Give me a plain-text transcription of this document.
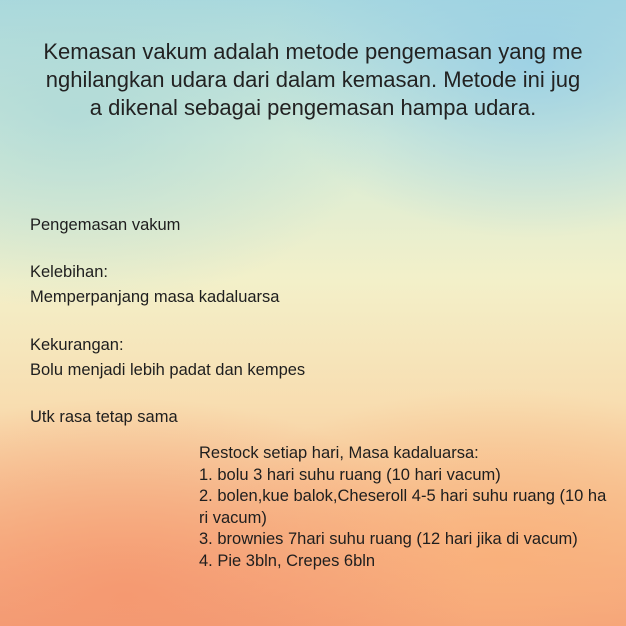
Kemasan vakum adalah metode pengemasan yang menghilangkan udara dari dalam kemasan. Metode ini juga dikenal sebagai pengemasan hampa udara.
Pengemasan vakum
Kelebihan:
Memperpanjang masa kadaluarsa
Kekurangan:
Bolu menjadi lebih padat dan kempes
Utk rasa tetap sama
Restock setiap hari, Masa kadaluarsa:
1. bolu 3 hari suhu ruang (10 hari vacum)
2. bolen,kue balok,Cheseroll 4-5 hari suhu ruang (10 hari vacum)
3. brownies 7hari suhu ruang (12 hari jika di vacum)
4. Pie 3bln, Crepes 6bln
